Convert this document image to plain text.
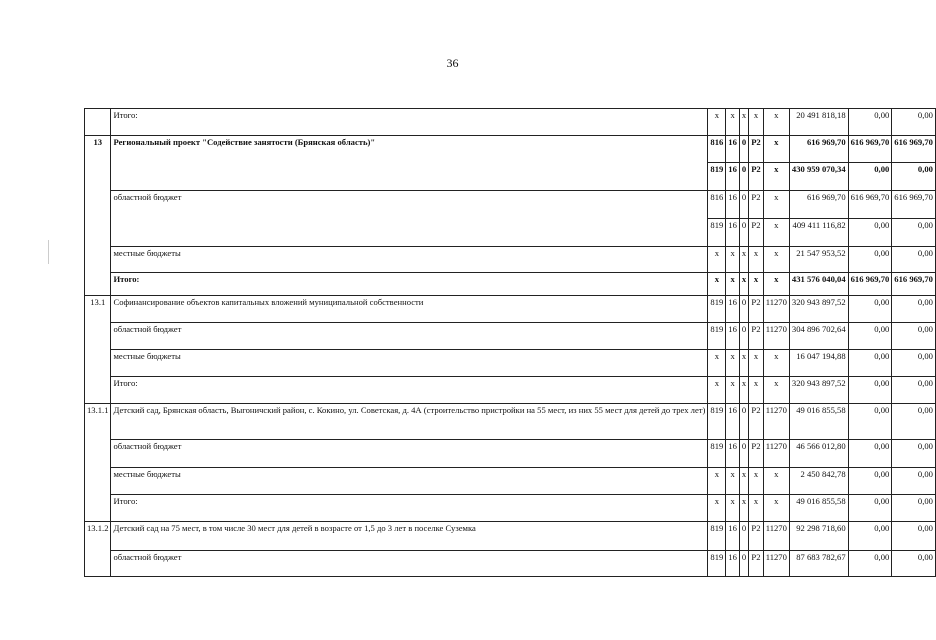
36
	Итого:	х	х	х	х	х	20 491 818,18	0,00	0,00
13	Региональный проект "Содействие занятости (Брянская область)"	816	16	0	Р2	х	616 969,70	616 969,70	616 969,70
		819	16	0	Р2	х	430 959 070,34	0,00	0,00
	областной бюджет	816	16	0	Р2	х	616 969,70	616 969,70	616 969,70
		819	16	0	Р2	х	409 411 116,82	0,00	0,00
	местные бюджеты	х	х	х	х	х	21 547 953,52	0,00	0,00
	Итого:	х	х	х	х	х	431 576 040,04	616 969,70	616 969,70
13.1	Софинансирование объектов капитальных вложений муниципальной собственности	819	16	0	Р2	11270	320 943 897,52	0,00	0,00
	областной бюджет	819	16	0	Р2	11270	304 896 702,64	0,00	0,00
	местные бюджеты	х	х	х	х	х	16 047 194,88	0,00	0,00
	Итого:	х	х	х	х	х	320 943 897,52	0,00	0,00
13.1.1	Детский сад, Брянская область, Выгоничский район, с. Кокино, ул. Советская, д. 4А (строительство пристройки на 55 мест, из них 55 мест для детей до трех лет)	819	16	0	Р2	11270	49 016 855,58	0,00	0,00
	областной бюджет	819	16	0	Р2	11270	46 566 012,80	0,00	0,00
	местные бюджеты	х	х	х	х	х	2 450 842,78	0,00	0,00
	Итого:	х	х	х	х	х	49 016 855,58	0,00	0,00
13.1.2	Детский сад на 75 мест, в том числе 30 мест для детей в возрасте от 1,5 до 3 лет в поселке Суземка	819	16	0	Р2	11270	92 298 718,60	0,00	0,00
	областной бюджет	819	16	0	Р2	11270	87 683 782,67	0,00	0,00
